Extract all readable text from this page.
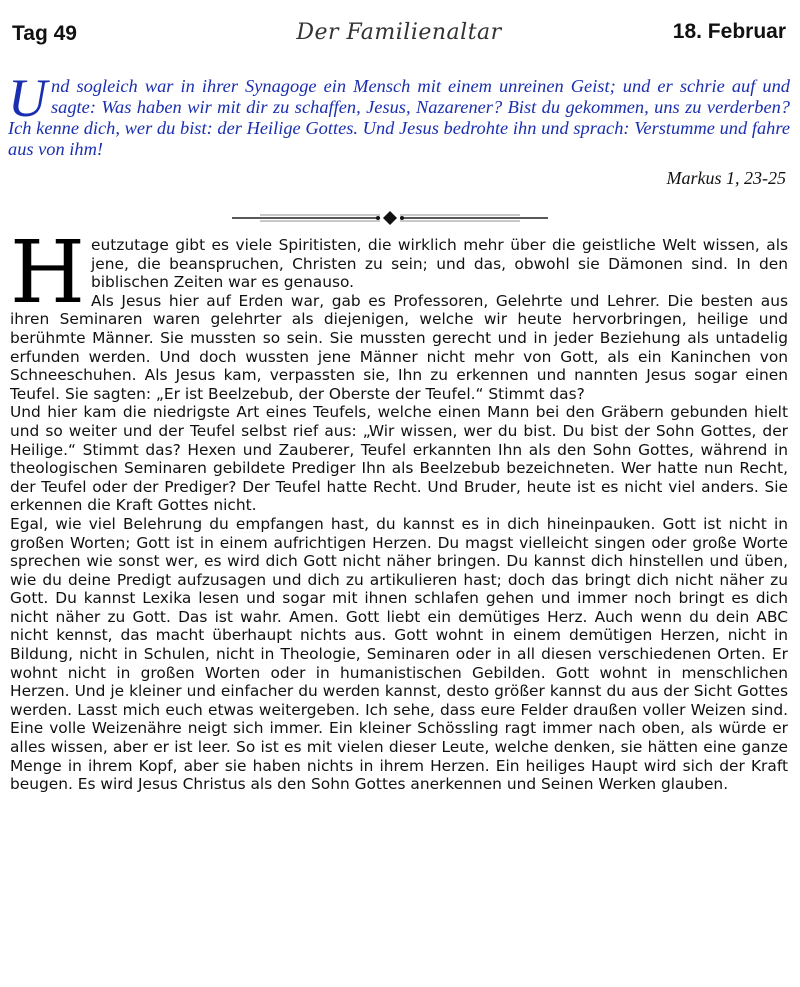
Tag 49	Der Familienaltar	18. Februar

Und sogleich war in ihrer Synagoge ein Mensch mit einem unreinen Geist; und er schrie auf und sagte: Was haben wir mit dir zu schaffen, Jesus, Nazarener? Bist du gekommen, uns zu verderben? Ich kenne dich, wer du bist: der Heilige Gottes. Und Jesus bedrohte ihn und sprach: Verstumme und fahre aus von ihm!

Markus 1, 23-25

Heutzutage gibt es viele Spiritisten, die wirklich mehr über die geistliche Welt wissen, als jene, die beanspruchen, Christen zu sein; und das, obwohl sie Dämonen sind. In den biblischen Zeiten war es genauso.

Als Jesus hier auf Erden war, gab es Professoren, Gelehrte und Lehrer. Die besten aus ihren Seminaren waren gelehrter als diejenigen, welche wir heute hervorbringen, heilige und berühmte Männer. Sie mussten so sein. Sie mussten gerecht und in jeder Beziehung als untadelig erfunden werden. Und doch wussten jene Männer nicht mehr von Gott, als ein Kaninchen von Schneeschuhen. Als Jesus kam, verpassten sie, Ihn zu erkennen und nannten Jesus sogar einen Teufel. Sie sagten: „Er ist Beelzebub, der Oberste der Teufel.“ Stimmt das?

Und hier kam die niedrigste Art eines Teufels, welche einen Mann bei den Gräbern gebunden hielt und so weiter und der Teufel selbst rief aus: „Wir wissen, wer du bist. Du bist der Sohn Gottes, der Heilige.“ Stimmt das? Hexen und Zauberer, Teufel erkannten Ihn als den Sohn Gottes, während in theologischen Seminaren gebildete Prediger Ihn als Beelzebub bezeichneten. Wer hatte nun Recht, der Teufel oder der Prediger? Der Teufel hatte Recht. Und Bruder, heute ist es nicht viel anders. Sie erkennen die Kraft Gottes nicht.

Egal, wie viel Belehrung du empfangen hast, du kannst es in dich hineinpauken. Gott ist nicht in großen Worten; Gott ist in einem aufrichtigen Herzen. Du magst vielleicht singen oder große Worte sprechen wie sonst wer, es wird dich Gott nicht näher bringen. Du kannst dich hinstellen und üben, wie du deine Predigt aufzusagen und dich zu artikulieren hast; doch das bringt dich nicht näher zu Gott. Du kannst Lexika lesen und sogar mit ihnen schlafen gehen und immer noch bringt es dich nicht näher zu Gott. Das ist wahr. Amen. Gott liebt ein demütiges Herz. Auch wenn du dein ABC nicht kennst, das macht überhaupt nichts aus. Gott wohnt in einem demütigen Herzen, nicht in Bildung, nicht in Schulen, nicht in Theologie, Seminaren oder in all diesen verschiedenen Orten. Er wohnt nicht in großen Worten oder in humanistischen Gebilden. Gott wohnt in menschlichen Herzen. Und je kleiner und einfacher du werden kannst, desto größer kannst du aus der Sicht Gottes werden. Lasst mich euch etwas weitergeben. Ich sehe, dass eure Felder draußen voller Weizen sind. Eine volle Weizenähre neigt sich immer. Ein kleiner Schössling ragt immer nach oben, als würde er alles wissen, aber er ist leer. So ist es mit vielen dieser Leute, welche denken, sie hätten eine ganze Menge in ihrem Kopf, aber sie haben nichts in ihrem Herzen. Ein heiliges Haupt wird sich der Kraft beugen. Es wird Jesus Christus als den Sohn Gottes anerkennen und Seinen Werken glauben.
